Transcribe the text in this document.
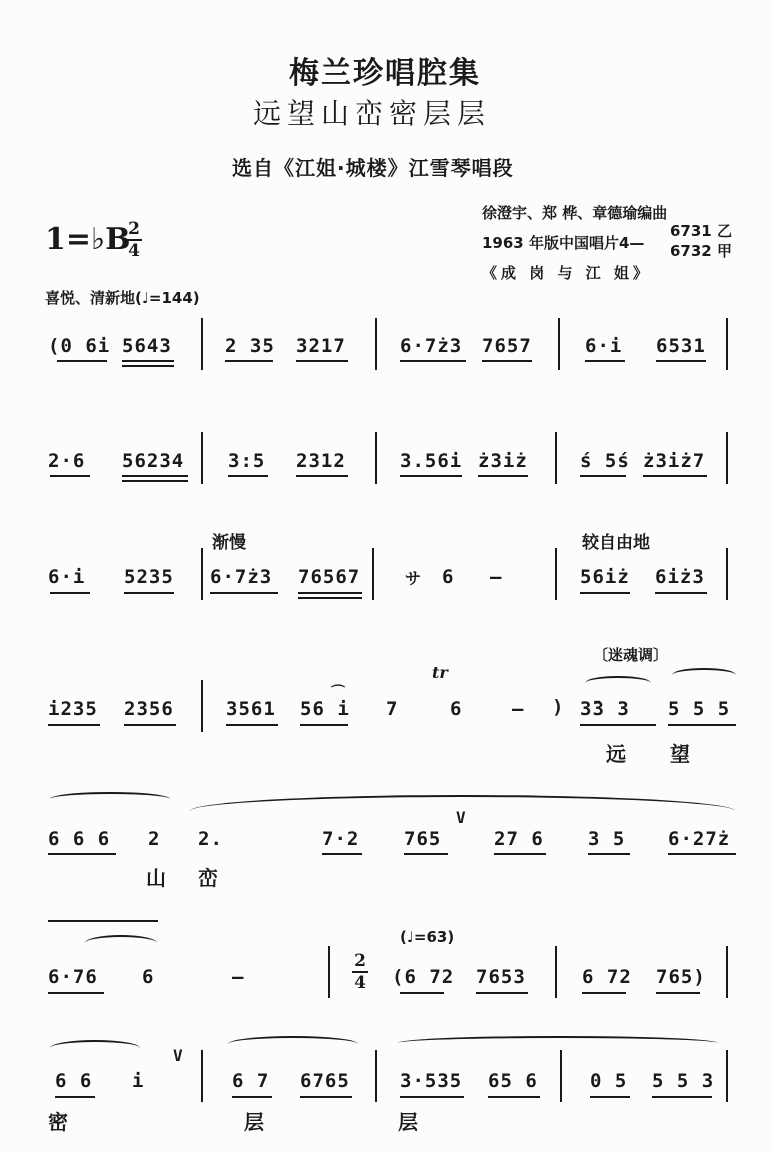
梅兰珍唱腔集
远望山峦密层层
选自《江姐·城楼》江雪琴唱段
徐澄宇、郑 桦、章德瑜编曲
1963 年版中国唱片4—
6731 乙
6732 甲
《成 岗 与 江 姐》
1=♭B
2
4
喜悦、清新地(♩=144)
(0 6i 5643	2 35 3217	6·7ż3 7657	6·i 6531
2·6 56234 3:5 2312	3.56i ż3iż	ś 5ś ż3iż7
渐慢	较自由地
6·i 5235 6·7ż3 76567	サ 6 –	56iż 6iż3
〔迷魂调〕
tr
i235 2356	3561 56 i
⌒
7	6	– ) 3̄3 3 5 5 5
远 望
6 6 6 2 2.	7·2 765
V
27 6 3 5 6·27ż
山 峦
(♩=63)
6·76 6	–
2
4 (6 72 7653	6 72 765)
6 6 i
V
6 7 6765	3·535 65 6	0 5 5 5 3
密	层	层
